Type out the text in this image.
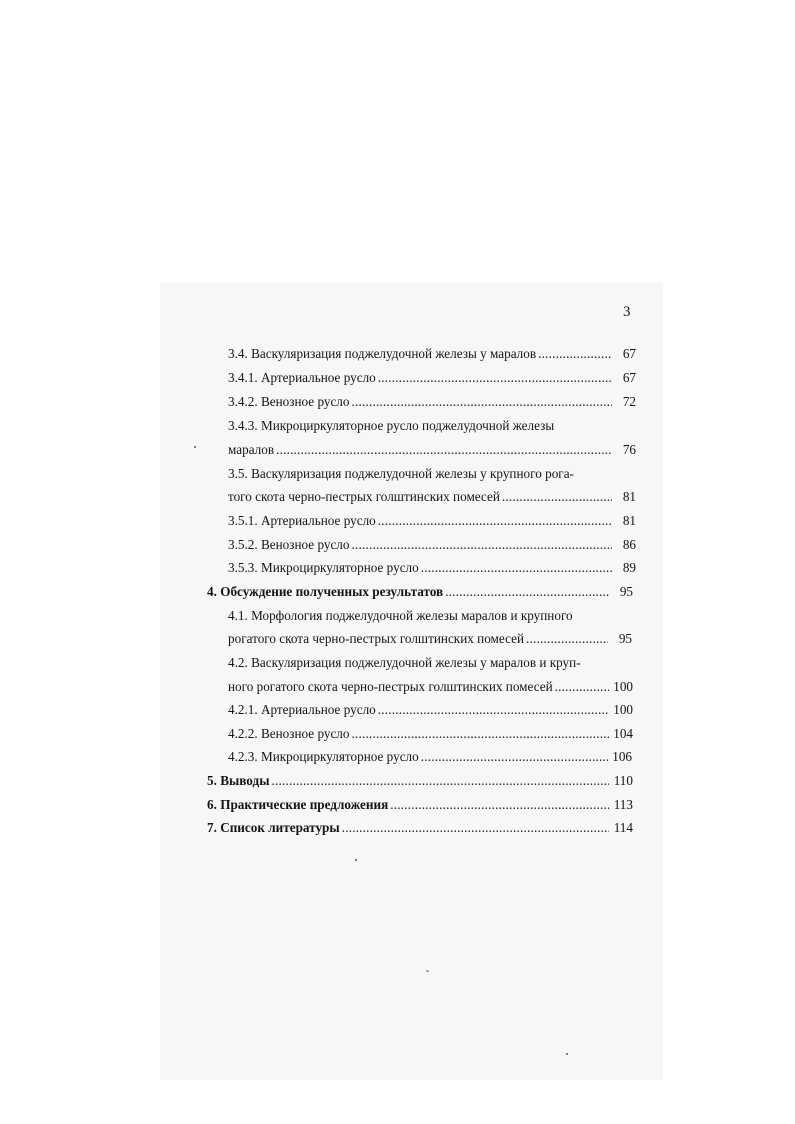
3
3.4. Васкуляризация поджелудочной железы у маралов .....	67
3.4.1. Артериальное русло .....	67
3.4.2. Венозное русло .....	72
3.4.3. Микроциркуляторное русло поджелудочной железы
маралов .....	76
3.5. Васкуляризация поджелудочной железы у крупного рога-
того скота черно-пестрых голштинских помесей .....	81
3.5.1. Артериальное русло .....	81
3.5.2. Венозное русло .....	86
3.5.3. Микроциркуляторное русло .....	89
4. Обсуждение полученных результатов .....	95
4.1. Морфология поджелудочной железы маралов и крупного
рогатого скота черно-пестрых голштинских помесей .....	95
4.2. Васкуляризация поджелудочной железы у маралов и круп-
ного рогатого скота черно-пестрых голштинских помесей .....	100
4.2.1. Артериальное русло .....	100
4.2.2. Венозное русло .....	104
4.2.3. Микроциркуляторное русло .....	106
5. Выводы .....	110
6. Практические предложения .....	113
7. Список литературы .....	114
